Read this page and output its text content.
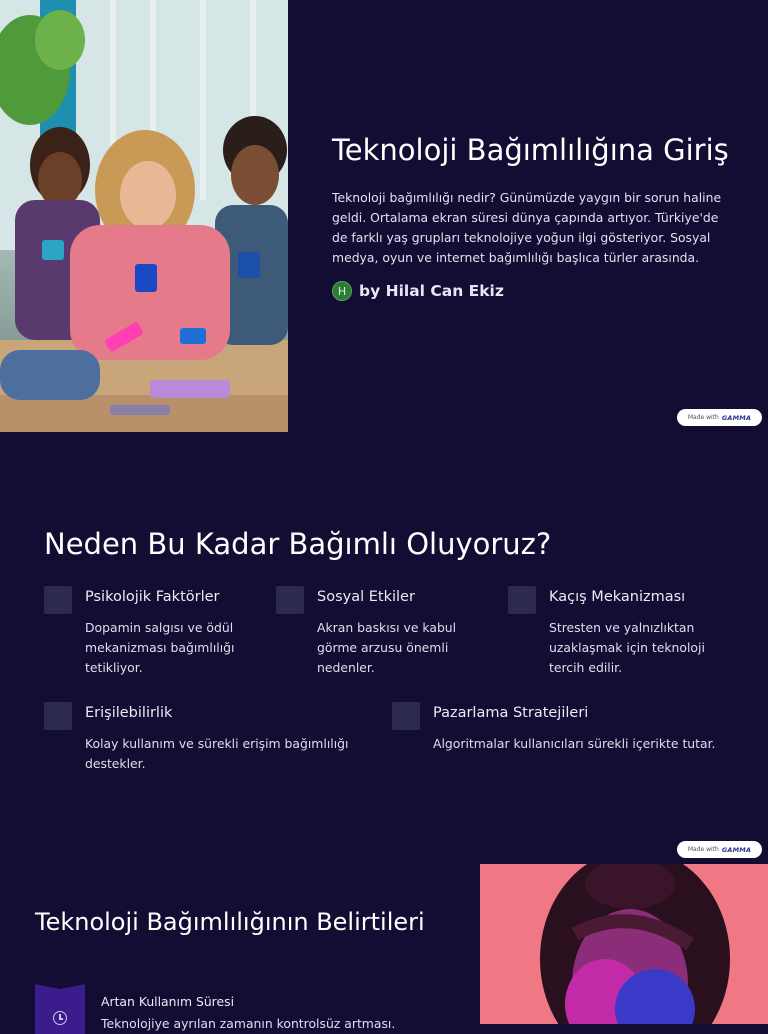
Teknoloji Bağımlılığına Giriş

Teknoloji bağımlılığı nedir? Günümüzde yaygın bir sorun haline geldi. Ortalama ekran süresi dünya çapında artıyor. Türkiye'de de farklı yaş grupları teknolojiye yoğun ilgi gösteriyor. Sosyal medya, oyun ve internet bağımlılığı başlıca türler arasında.

H by Hilal Can Ekiz
Made with GAMMA
Neden Bu Kadar Bağımlı Oluyoruz?
Psikolojik Faktörler
Dopamin salgısı ve ödül mekanizması bağımlılığı tetikliyor.
Sosyal Etkiler
Akran baskısı ve kabul görme arzusu önemli nedenler.
Kaçış Mekanizması
Stresten ve yalnızlıktan uzaklaşmak için teknoloji tercih edilir.
Erişilebilirlik
Kolay kullanım ve sürekli erişim bağımlılığı destekler.
Pazarlama Stratejileri
Algoritmalar kullanıcıları sürekli içerikte tutar.
Made with GAMMA
Teknoloji Bağımlılığının Belirtileri
Artan Kullanım Süresi
Teknolojiye ayrılan zamanın kontrolsüz artması.
